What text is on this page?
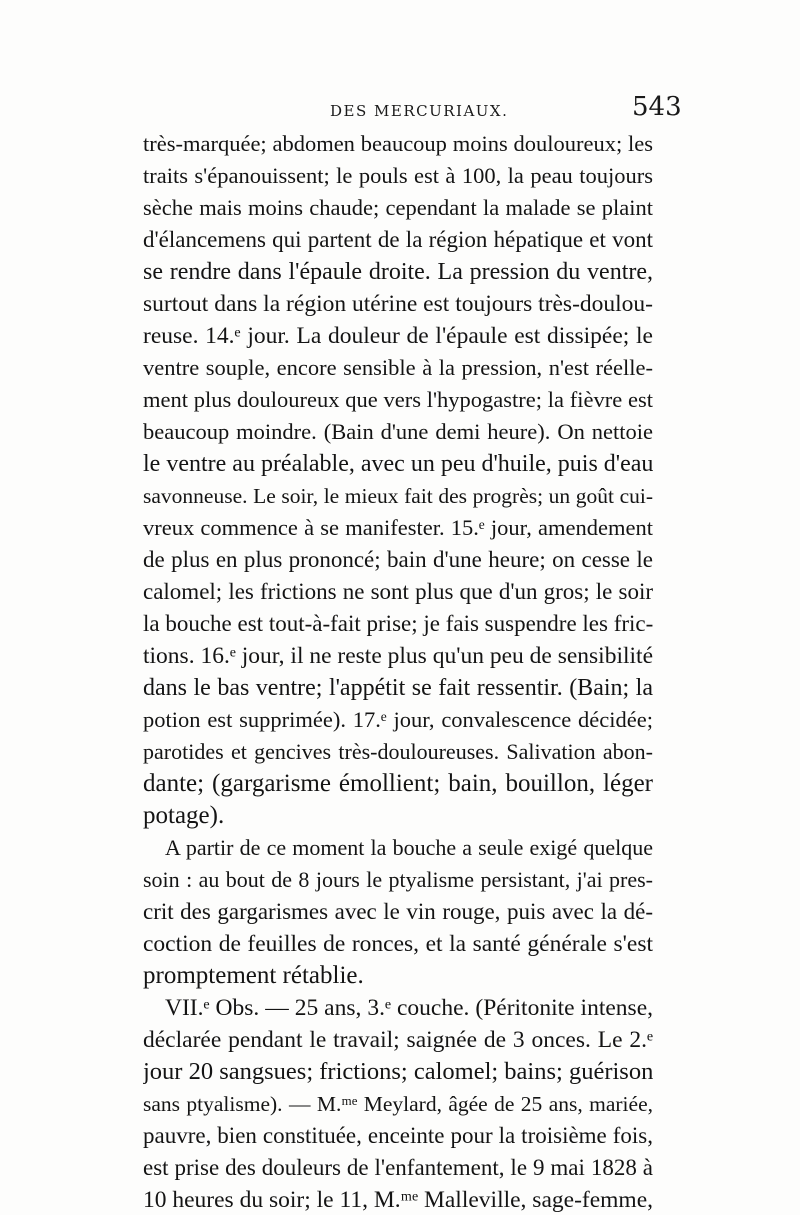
DES MERCURIAUX.	543
très-marquée; abdomen beaucoup moins douloureux; les
traits s'épanouissent; le pouls est à 100, la peau toujours
sèche mais moins chaude; cependant la malade se plaint
d'élancemens qui partent de la région hépatique et vont
se rendre dans l'épaule droite. La pression du ventre,
surtout dans la région utérine est toujours très-doulou-
reuse. 14.ᵉ jour. La douleur de l'épaule est dissipée; le
ventre souple, encore sensible à la pression, n'est réelle-
ment plus douloureux que vers l'hypogastre; la fièvre est
beaucoup moindre. (Bain d'une demi heure). On nettoie
le ventre au préalable, avec un peu d'huile, puis d'eau
savonneuse. Le soir, le mieux fait des progrès; un goût cui-
vreux commence à se manifester. 15.ᵉ jour, amendement
de plus en plus prononcé; bain d'une heure; on cesse le
calomel; les frictions ne sont plus que d'un gros; le soir
la bouche est tout-à-fait prise; je fais suspendre les fric-
tions. 16.ᵉ jour, il ne reste plus qu'un peu de sensibilité
dans le bas ventre; l'appétit se fait ressentir. (Bain; la
potion est supprimée). 17.ᵉ jour, convalescence décidée;
parotides et gencives très-douloureuses. Salivation abon-
dante; (gargarisme émollient; bain, bouillon, léger
potage).
A partir de ce moment la bouche a seule exigé quelque
soin : au bout de 8 jours le ptyalisme persistant, j'ai pres-
crit des gargarismes avec le vin rouge, puis avec la dé-
coction de feuilles de ronces, et la santé générale s'est
promptement rétablie.
VII.ᵉ Obs. — 25 ans, 3.ᵉ couche. (Péritonite intense,
déclarée pendant le travail; saignée de 3 onces. Le 2.ᵉ
jour 20 sangsues; frictions; calomel; bains; guérison
sans ptyalisme). — M.ᵐᵉ Meylard, âgée de 25 ans, mariée,
pauvre, bien constituée, enceinte pour la troisième fois,
est prise des douleurs de l'enfantement, le 9 mai 1828 à
10 heures du soir; le 11, M.ᵐᵉ Malleville, sage-femme,
